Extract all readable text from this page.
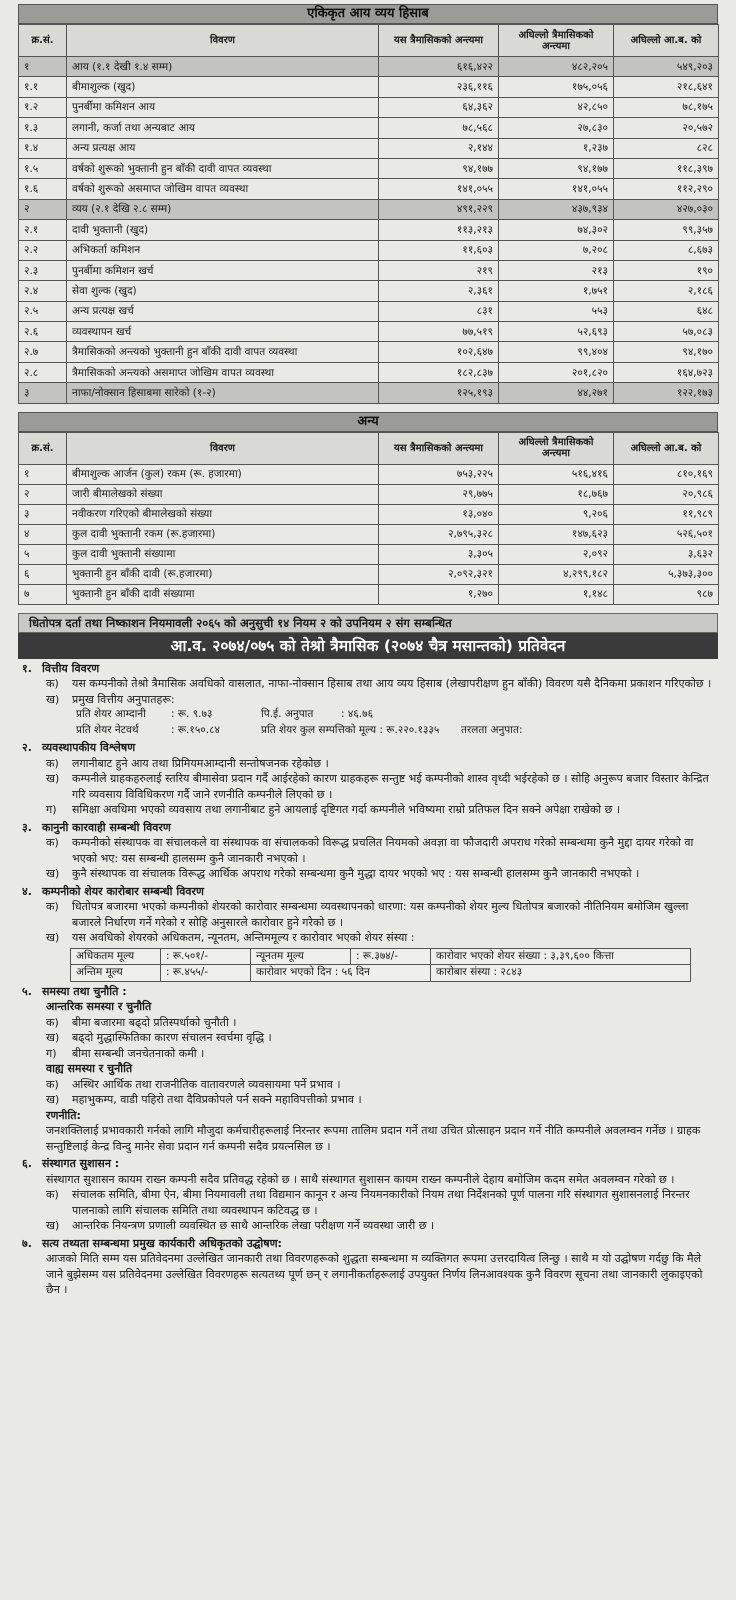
एकिकृत आय व्यय हिसाब
क्र.सं.	विवरण	यस त्रैमासिकको अन्त्यमा	अघिल्लो त्रैमासिकको अन्त्यमा	अघिल्लो आ.ब. को
१	आय (१.१ देखी १.४ सम्म)	६१६,४२२	४८२,२०५	५४९,२०३
१.१	बीमाशुल्क (खुद)	२३६,११६	१७५,०५६	२१८,६४१
१.२	पुनर्बीमा कमिशन आय	६४,३६२	४२,८५०	७८,१७५
१.३	लगानी, कर्जा तथा अन्यबाट आय	७८,५६८	२७,८३०	२०,५७२
१.४	अन्य प्रत्यक्ष आय	२,१४४	१,२३७	८२८
१.५	वर्षको शुरूको भुक्तानी हुन बाँकी दावी वापत व्यवस्था	९४,१७७	९४,१७७	११८,३९७
१.६	वर्षको शुरूको असमाप्त जोखिम वापत व्यवस्था	१४१,०५५	१४१,०५५	११२,२९०
२	व्यय (२.१ देखि २.८ सम्म)	४९१,२२९	४३७,९३४	४२७,०३०
२.१	दावी भुक्तानी (खुद)	११३,२१३	७४,३०२	९९,३५७
२.२	अभिकर्ता कमिशन	११,६०३	७,२०८	८,६७३
२.३	पुनर्बीमा कमिशन खर्च	२१९	२१३	१९०
२.४	सेवा शुल्क (खुद)	२,३६१	१,७५१	२,१८६
२.५	अन्य प्रत्यक्ष खर्च	८३१	५५३	६४८
२.६	व्यवस्थापन खर्च	७७,५१९	५२,६९३	५७,०८३
२.७	त्रैमासिकको अन्त्यको भुक्तानी हुन बाँकी दावी वापत व्यवस्था	१०२,६४७	९९,४०४	९४,१७०
२.८	त्रैमासिकको अन्त्यको असमाप्त जोखिम वापत व्यवस्था	१८२,८३७	२०१,८२०	१६४,७२३
३	नाफा/नोक्सान हिसाबमा सारेको (१-२)	१२५,१९३	४४,२७१	१२२,१७३
अन्य
क्र.सं.	विवरण	यस त्रैमासिकको अन्त्यमा	अघिल्लो त्रैमासिकको अन्त्यमा	अघिल्लो आ.ब. को
१	बीमाशुल्क आर्जन (कुल) रकम (रू. हजारमा)	७५३,२२५	५१६,४१६	८१०,१६९
२	जारी बीमालेखको संख्या	२९,७७५	१८,७६७	२०,९८६
३	नवीकरण गरिएको बीमालेखको संख्या	१३,०४०	९,२०६	११,९८९
४	कुल दावी भुक्तानी रकम (रू.हजारमा)	२,७९५,३२८	१४७,६२३	५२६,५०१
५	कुल दावी भुक्तानी संख्यामा	३,३०५	२,०९२	३,६३२
६	भुक्तानी हुन बाँकी दावी (रू.हजारमा)	२,०९२,३२१	४,२९९,१८२	५,३७३,३००
७	भुक्तानी हुन बाँकी दावी संख्यामा	१,२७०	१,१४८	९८७
धितोपत्र दर्ता तथा निष्काशन नियमावली २०६५ को अनुसुची १४ नियम २ को उपनियम २ संग सम्बन्धित
आ.व. २०७४/०७५ को तेश्रो त्रैमासिक (२०७४ चैत्र मसान्तको) प्रतिवेदन
१. वित्तीय विवरण
क)	यस कम्पनीको तेश्रो त्रैमासिक अवधिको वासलात, नाफा-नोक्सान हिसाब तथा आय व्यय हिसाब (लेखापरीक्षण हुन बाँकी) विवरण यसै दैनिकमा प्रकाशन गरिएकोछ ।
ख)	प्रमुख वित्तीय अनुपातहरू:
प्रति शेयर आम्दानी	: रू. ९.७३	पि.ई. अनुपात	: ४६.७६
प्रति शेयर नेटवर्थ	: रू.१५०.८४	प्रति शेयर कुल सम्पत्तिको मूल्य : रू.२२०.१३३५	तरलता अनुपात:
२. व्यवस्थापकीय विश्लेषण
क)	लगानीबाट हुने आय तथा प्रिमियमआम्दानी सन्तोषजनक रहेकोछ ।
ख)	कम्पनीले ग्राहकहरुलाई स्तरिय बीमासेवा प्रदान गर्दै आईरहेको कारण ग्राहकहरू सन्तुष्ट भई कम्पनीको शास्व वृध्दी भईरहेको छ । सोहि अनुरूप बजार विस्तार केन्द्रित गरि व्यवसाय विविधिकरण गर्दै जाने रणनीति कम्पनीले लिएको छ ।
ग)	समिक्षा अवधिमा भएको व्यवसाय तथा लगानीबाट हुने आयलाई दृष्टिगत गर्दा कम्पनीले भविष्यमा राम्रो प्रतिफल दिन सक्ने अपेक्षा राखेको छ ।
३. कानुनी कारवाही सम्बन्धी विवरण
क)	कम्पनीको संस्थापक वा संचालकले वा संस्थापक वा संचालकको विरूद्ध प्रचलित नियमको अवज्ञा वा फौजदारी अपराध गरेको सम्बन्धमा कुनै मुद्दा दायर गरेको वा भएको भए: यस सम्बन्धी हालसम्म कुनै जानकारी नभएको ।
ख)	कुनै संस्थापक वा संचालक विरूद्ध आर्थिक अपराध गरेको सम्बन्धमा कुनै मुद्धा दायर भएको भए : यस सम्बन्धी हालसम्म कुनै जानकारी नभएको ।
४. कम्पनीको शेयर कारोबार सम्बन्धी विवरण
क)	धितोपत्र बजारमा भएको कम्पनीको शेयरको कारोवार सम्बन्धमा व्यवस्थापनको धारणा: यस कम्पनीको शेयर मुल्य धितोपत्र बजारको नीतिनियम बमोजिम खुल्ला बजारले निर्धारण गर्ने गरेको र सोहि अनुसारले कारोवार हुने गरेको छ ।
ख)	यस अवधिको शेयरको अधिकतम, न्यूनतम, अन्तिममूल्य र कारोवार भएको शेयर संस्या :
अधिकतम मूल्य	: रू.५०१/-	न्यूनतम मूल्य	: रू.३७४/-	कारोवार भएको शेयर संख्या : ३,३९,६०० कित्ता
अन्तिम मूल्य	: रू.४५५/-	कारोवार भएको दिन : ५६ दिन		कारोबार संस्या : २८४३
५. समस्या तथा चुनौति :
आन्तरिक समस्या र चुनौति
क)	बीमा बजारमा बढ्दो प्रतिस्पर्धाको चुनौती ।
ख)	बढ्दो मुद्धास्फितिका कारण संचालन स्वर्चमा वृद्धि ।
ग)	बीमा सम्बन्धी जनचेतनाको कमी ।
वाह्य समस्या र चुनौति
क)	अस्थिर आर्थिक तथा राजनीतिक वातावरणले व्यवसायमा पर्ने प्रभाव ।
ख)	महाभुकम्प, वाडी पहिरो तथा दैविप्रकोपले पर्न सक्ने महाविपत्तीको प्रभाव ।
रणनीति:
जनशक्तिलाई प्रभावकारी गर्नको लागि मौजुदा कर्मचारीहरूलाई निरन्तर रूपमा तालिम प्रदान गर्ने तथा उचित प्रोत्साहन प्रदान गर्ने नीति कम्पनीले अवलम्वन गर्नेछ । ग्राहक सन्तुष्टिलाई केन्द्र विन्दु मानेर सेवा प्रदान गर्न कम्पनी सदैव प्रयत्नसिल छ ।
६. संस्थागत सुशासन :
संस्थागत सुशासन कायम राख्न कम्पनी सदैव प्रतिवद्ध रहेको छ । साथै संस्थागत सुशासन कायम राख्न कम्पनीले देहाय बमोजिम कदम समेत अवलम्वन गरेको छ ।
क)	संचालक समिति, बीमा ऐन, बीमा नियमावली तथा विद्यमान कानून र अन्य नियमनकारीको नियम तथा निर्देशनको पूर्ण पालना गरि संस्थागत सुशासनलाई निरन्तर पालनाको लागि संचालक समिति तथा व्यवस्थापन कटिवद्ध छ ।
ख)	आन्तरिक नियन्त्रण प्रणाली व्यवस्थित छ साथै आन्तरिक लेखा परीक्षण गर्ने व्यवस्था जारी छ ।
७. सत्य तथ्यता सम्बन्धमा प्रमुख कार्यकारी अधिकृतको उद्घोषण:
आजको मिति सम्म यस प्रतिवेदनमा उल्लेखित जानकारी तथा विवरणहरूको शुद्धता सम्बन्धमा म व्यक्तिगत रूपमा उत्तरदायित्व लिन्छु । साथै म यो उद्घोषण गर्दछु कि मैले जाने बुझेसम्म यस प्रतिवेदनमा उल्लेखित विवरणहरू सत्यतथ्य पूर्ण छन् र लगानीकर्ताहरूलाई उपयुक्त निर्णय लिनआवश्यक कुनै विवरण सूचना तथा जानकारी लुकाइएको छैन ।
